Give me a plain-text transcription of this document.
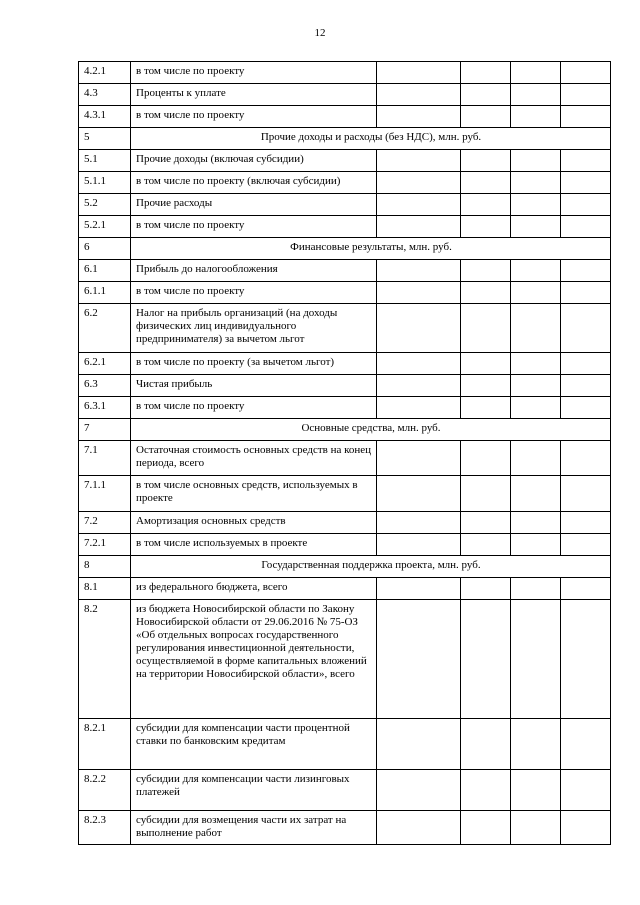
12
4.2.1	в том числе по проекту					
4.3	Проценты к уплате					
4.3.1	в том числе по проекту					
5	Прочие доходы и расходы (без НДС), млн. руб.					
5.1	Прочие доходы (включая субсидии)					
5.1.1	в том числе по проекту (включая субсидии)					
5.2	Прочие расходы					
5.2.1	в том числе по проекту					
6	Финансовые результаты, млн. руб.					
6.1	Прибыль до налогообложения					
6.1.1	в том числе по проекту					
6.2	Налог на прибыль организаций (на доходы физических лиц индивидуального предпринимателя) за вычетом льгот					
6.2.1	в том числе по проекту (за вычетом льгот)					
6.3	Чистая прибыль					
6.3.1	в том числе по проекту					
7	Основные средства, млн. руб.					
7.1	Остаточная стоимость основных средств на конец периода, всего					
7.1.1	в том числе основных средств, используемых в проекте					
7.2	Амортизация основных средств					
7.2.1	в том числе используемых в проекте					
8	Государственная поддержка проекта, млн. руб.					
8.1	из федерального бюджета, всего					
8.2	из бюджета Новосибирской области по Закону Новосибирской области от 29.06.2016 № 75-ОЗ «Об отдельных вопросах государственного регулирования инвестиционной деятельности, осуществляемой в форме капитальных вложений на территории Новосибирской области», всего					
8.2.1	субсидии для компенсации части процентной ставки по банковским кредитам					
8.2.2	субсидии для компенсации части лизинговых платежей					
8.2.3	субсидии для возмещения части их затрат на выполнение работ					
